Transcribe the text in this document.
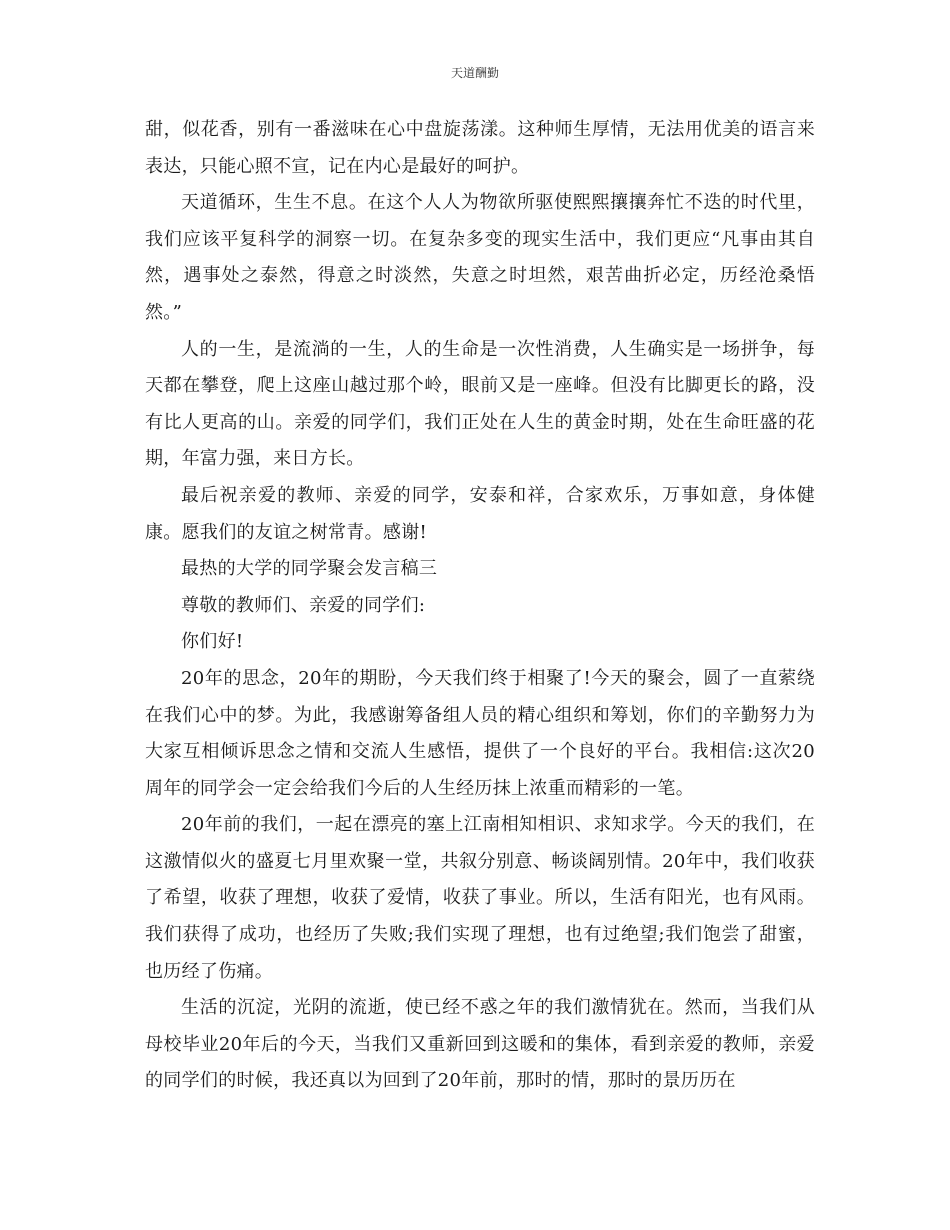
天道酬勤

甜，似花香，别有一番滋味在心中盘旋荡漾。这种师生厚情，无法用优美的语言来表达，只能心照不宣，记在内心是最好的呵护。

天道循环，生生不息。在这个人人为物欲所驱使熙熙攘攘奔忙不迭的时代里，我们应该平复科学的洞察一切。在复杂多变的现实生活中，我们更应“凡事由其自然，遇事处之泰然，得意之时淡然，失意之时坦然，艰苦曲折必定，历经沧桑悟然。”

人的一生，是流淌的一生，人的生命是一次性消费，人生确实是一场拼争，每天都在攀登，爬上这座山越过那个岭，眼前又是一座峰。但没有比脚更长的路，没有比人更高的山。亲爱的同学们，我们正处在人生的黄金时期，处在生命旺盛的花期，年富力强，来日方长。

最后祝亲爱的教师、亲爱的同学，安泰和祥，合家欢乐，万事如意，身体健康。愿我们的友谊之树常青。感谢!

最热的大学的同学聚会发言稿三

尊敬的教师们、亲爱的同学们:

你们好!

20年的思念，20年的期盼，今天我们终于相聚了!今天的聚会，圆了一直萦绕在我们心中的梦。为此，我感谢筹备组人员的精心组织和筹划，你们的辛勤努力为大家互相倾诉思念之情和交流人生感悟，提供了一个良好的平台。我相信:这次20周年的同学会一定会给我们今后的人生经历抹上浓重而精彩的一笔。

20年前的我们，一起在漂亮的塞上江南相知相识、求知求学。今天的我们，在这激情似火的盛夏七月里欢聚一堂，共叙分别意、畅谈阔别情。20年中，我们收获了希望，收获了理想，收获了爱情，收获了事业。所以，生活有阳光，也有风雨。我们获得了成功，也经历了失败;我们实现了理想，也有过绝望;我们饱尝了甜蜜，也历经了伤痛。

生活的沉淀，光阴的流逝，使已经不惑之年的我们激情犹在。然而，当我们从母校毕业20年后的今天，当我们又重新回到这暖和的集体，看到亲爱的教师，亲爱的同学们的时候，我还真以为回到了20年前，那时的情，那时的景历历在
